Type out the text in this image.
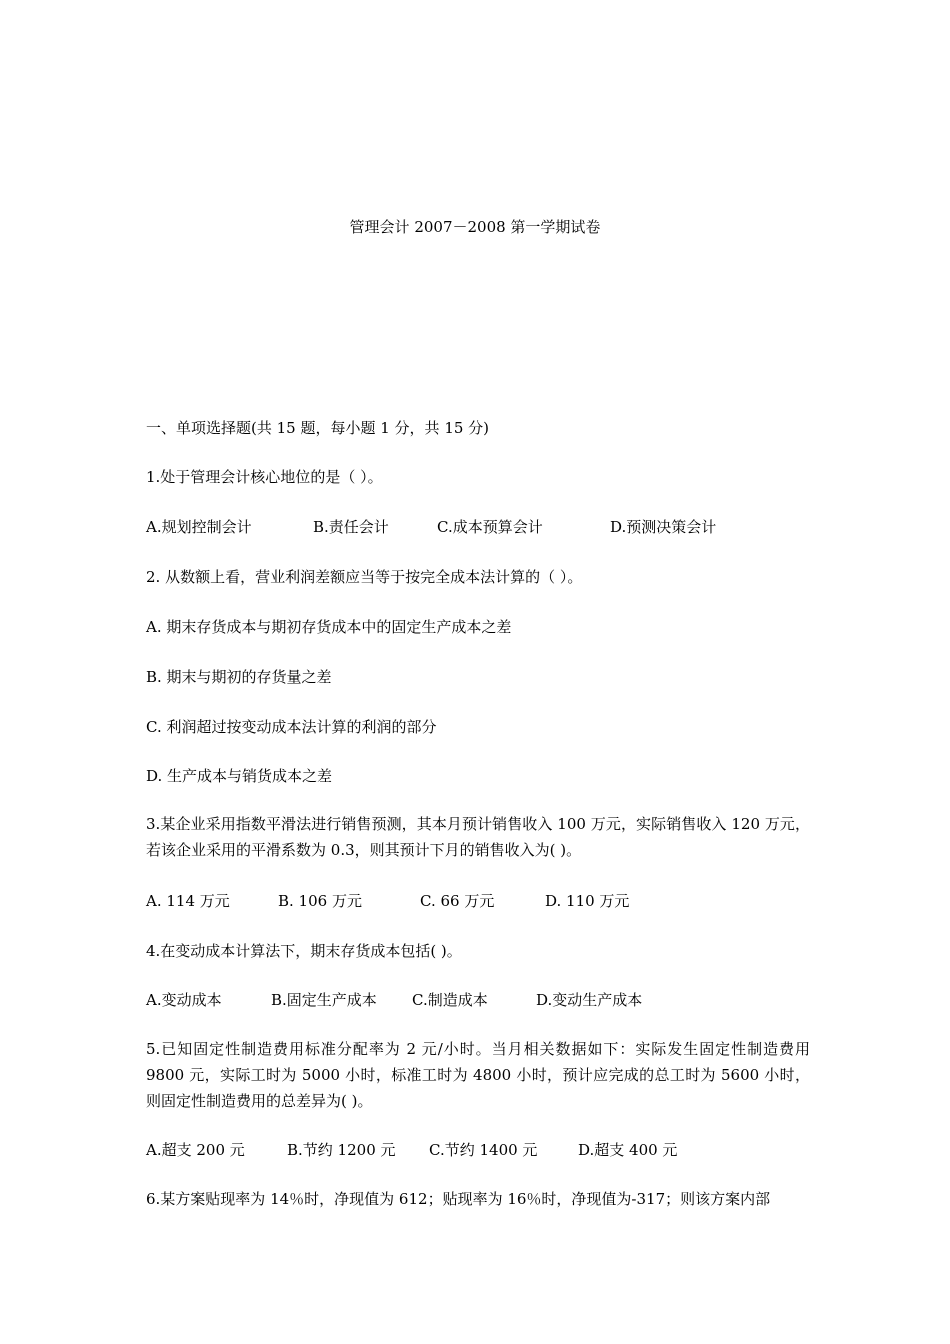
管理会计 2007－2008 第一学期试卷
一、单项选择题(共 15 题，每小题 1 分，共 15 分)
1.处于管理会计核心地位的是（ ）。
A.规划控制会计	B.责任会计	C.成本预算会计	D.预测决策会计
2. 从数额上看，营业利润差额应当等于按完全成本法计算的（ ）。
A. 期末存货成本与期初存货成本中的固定生产成本之差
B. 期末与期初的存货量之差
C. 利润超过按变动成本法计算的利润的部分
D. 生产成本与销货成本之差
3.某企业采用指数平滑法进行销售预测，其本月预计销售收入 100 万元，实际销售收入 120 万元，若该企业采用的平滑系数为 0.3，则其预计下月的销售收入为( )。
A. 114 万元	B. 106 万元	C. 66 万元	D. 110 万元
4.在变动成本计算法下，期末存货成本包括( )。
A.变动成本	B.固定生产成本 C.制造成本	D.变动生产成本
5.已知固定性制造费用标准分配率为 2 元/小时。当月相关数据如下：实际发生固定性制造费用 9800 元，实际工时为 5000 小时，标准工时为 4800 小时，预计应完成的总工时为 5600 小时，则固定性制造费用的总差异为( )。
A.超支 200 元	B.节约 1200 元 C.节约 1400 元	D.超支 400 元
6.某方案贴现率为 14％时，净现值为 612；贴现率为 16％时，净现值为-317；则该方案内部
